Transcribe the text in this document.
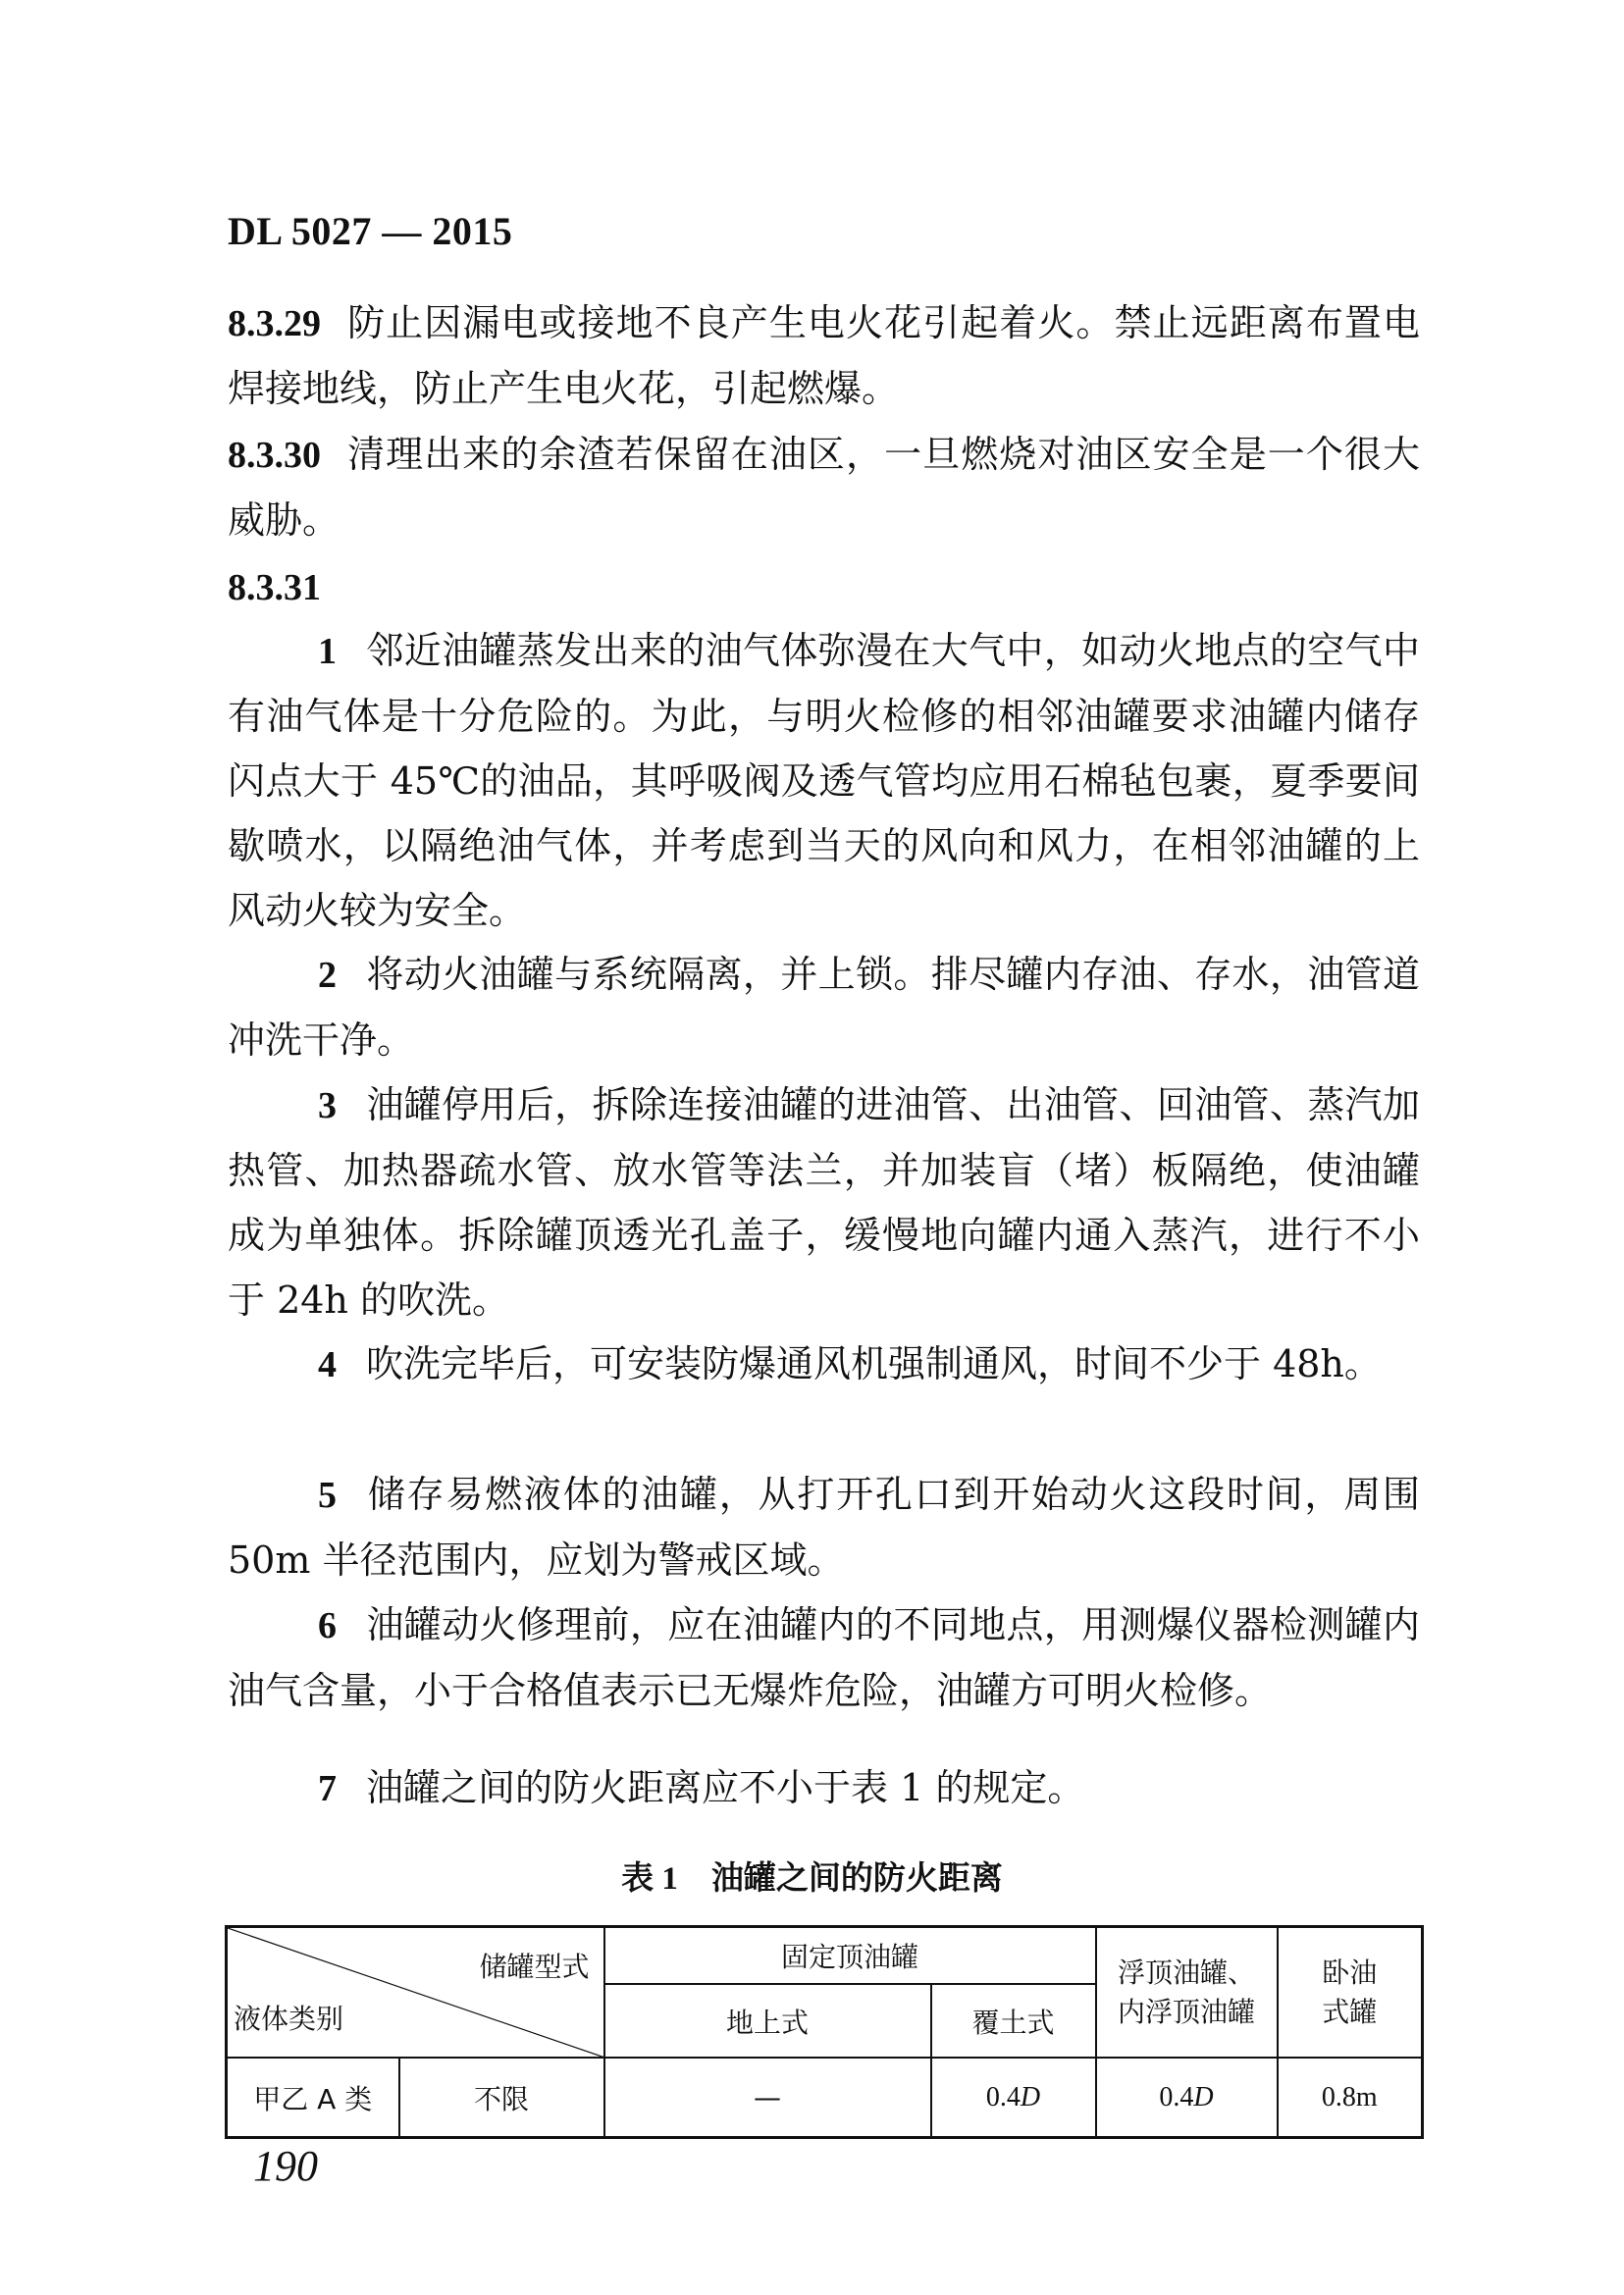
DL 5027 — 2015

8.3.29 防止因漏电或接地不良产生电火花引起着火。禁止远距离布置电焊接地线，防止产生电火花，引起燃爆。

8.3.30 清理出来的余渣若保留在油区，一旦燃烧对油区安全是一个很大威胁。

8.3.31

1 邻近油罐蒸发出来的油气体弥漫在大气中，如动火地点的空气中有油气体是十分危险的。为此，与明火检修的相邻油罐要求油罐内储存闪点大于 45℃的油品，其呼吸阀及透气管均应用石棉毡包裹，夏季要间歇喷水，以隔绝油气体，并考虑到当天的风向和风力，在相邻油罐的上风动火较为安全。

2 将动火油罐与系统隔离，并上锁。排尽罐内存油、存水，油管道冲洗干净。

3 油罐停用后，拆除连接油罐的进油管、出油管、回油管、蒸汽加热管、加热器疏水管、放水管等法兰，并加装盲（堵）板隔绝，使油罐成为单独体。拆除罐顶透光孔盖子，缓慢地向罐内通入蒸汽，进行不小于 24h 的吹洗。

4 吹洗完毕后，可安装防爆通风机强制通风，时间不少于 48h。

5 储存易燃液体的油罐，从打开孔口到开始动火这段时间，周围 50m 半径范围内，应划为警戒区域。

6 油罐动火修理前，应在油罐内的不同地点，用测爆仪器检测罐内油气含量，小于合格值表示已无爆炸危险，油罐方可明火检修。

7 油罐之间的防火距离应不小于表 1 的规定。

表 1 油罐之间的防火距离
储罐型式
液体类别		固定顶油罐		浮顶油罐、内浮顶油罐	卧油式罐
		地上式	覆土式		
甲乙 A 类	不限	—	0.4D	0.4D	0.8m
190
